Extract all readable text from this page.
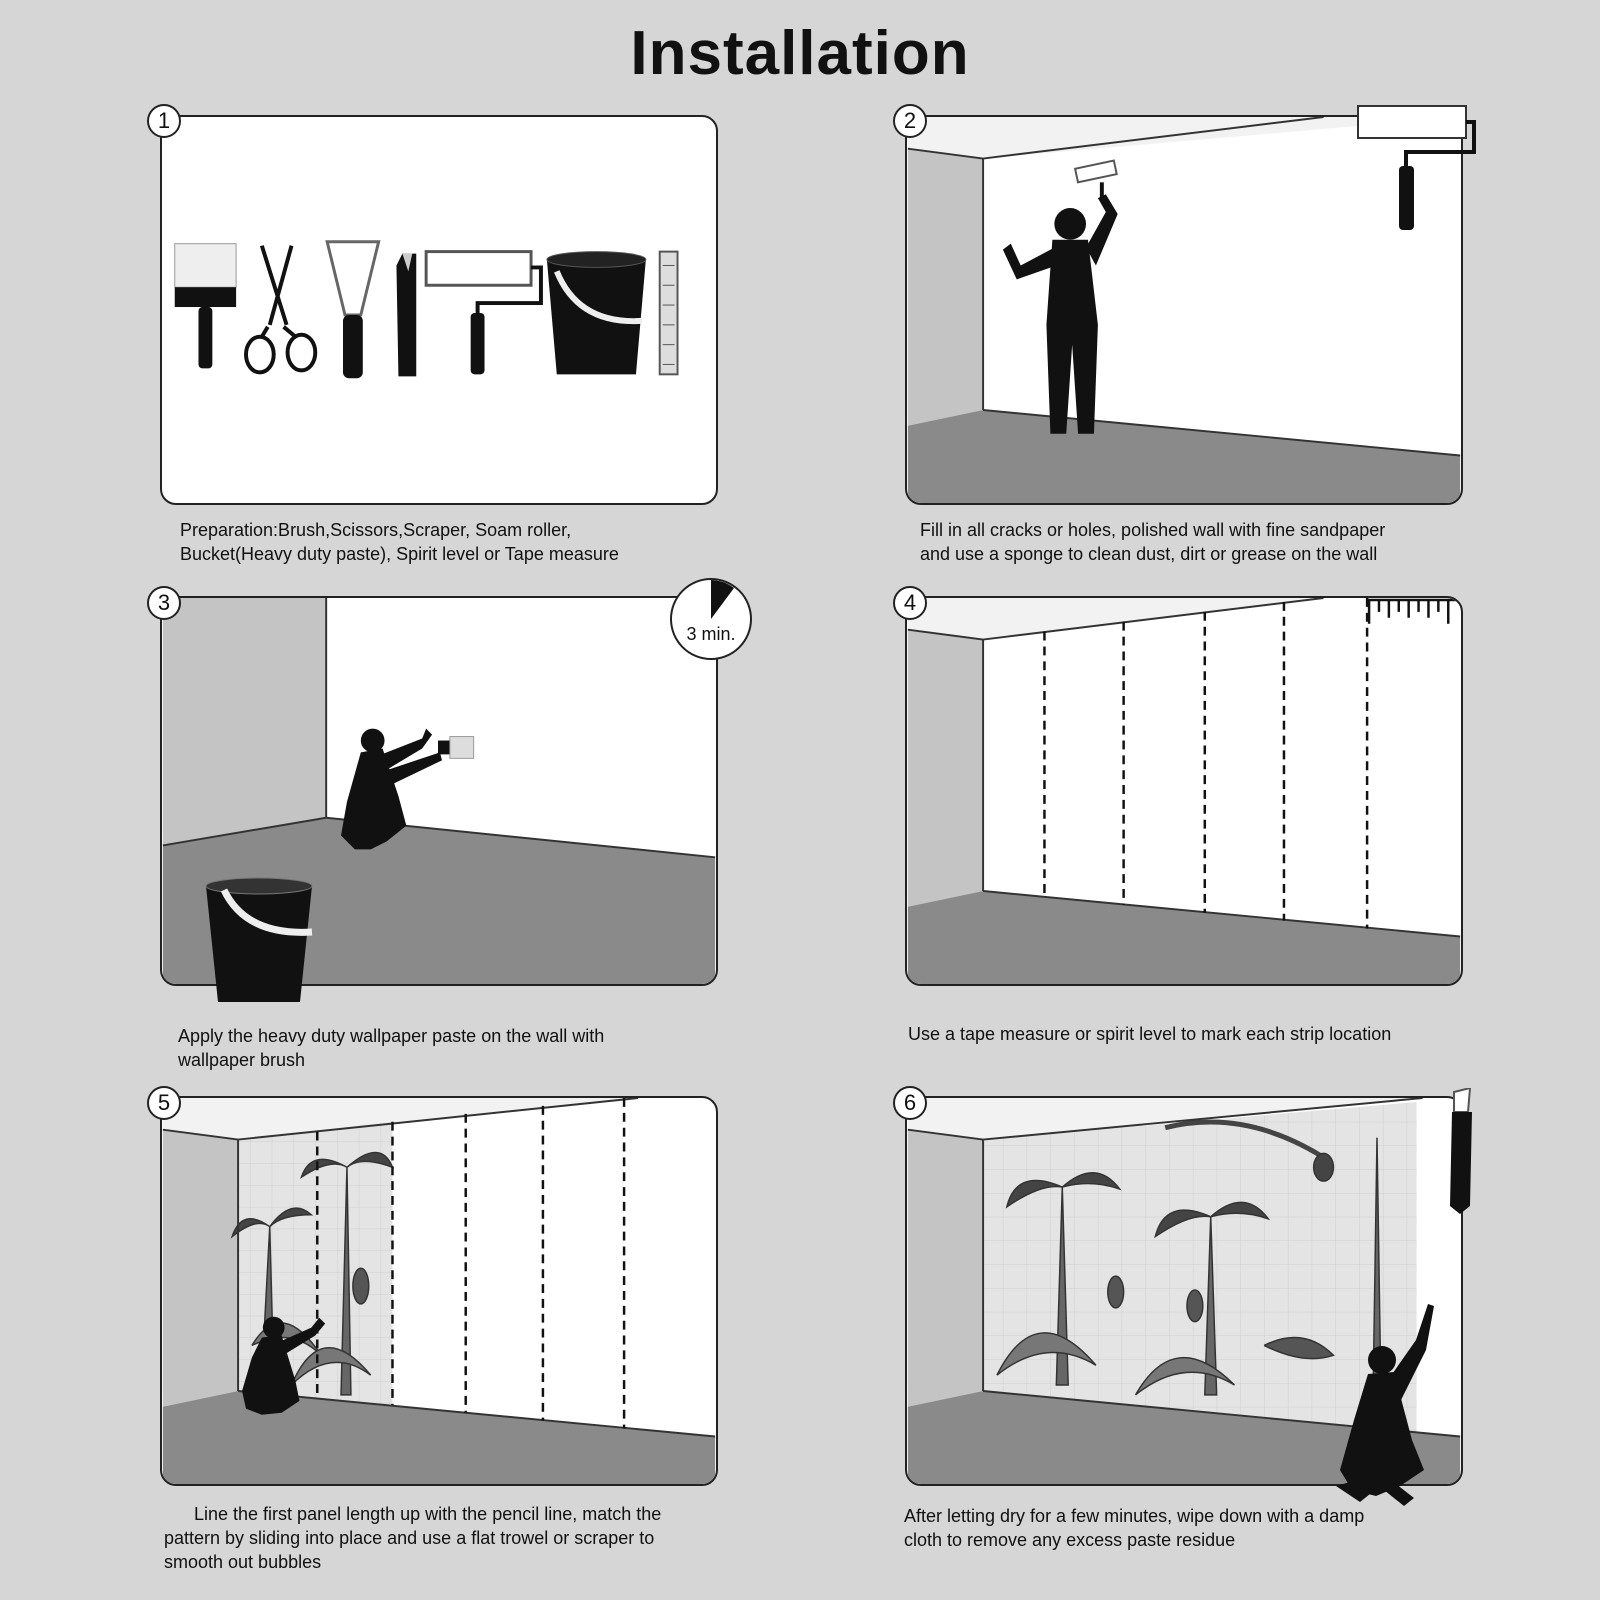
Installation
1
Preparation:Brush,Scissors,Scraper, Soam roller,
Bucket(Heavy duty paste), Spirit level or Tape measure
2
Fill in all cracks or holes, polished wall with fine sandpaper
and use a sponge to clean dust, dirt or grease on the wall
3
3 min.
Apply the heavy duty wallpaper paste on the wall with
wallpaper brush
4
Use a tape measure or spirit level to mark each strip location
5
Line the first panel length up with the pencil line, match the
pattern by sliding into place and use a flat trowel or scraper to
smooth out bubbles
6
After letting dry for a few minutes, wipe down with a damp
cloth to remove any excess paste residue
